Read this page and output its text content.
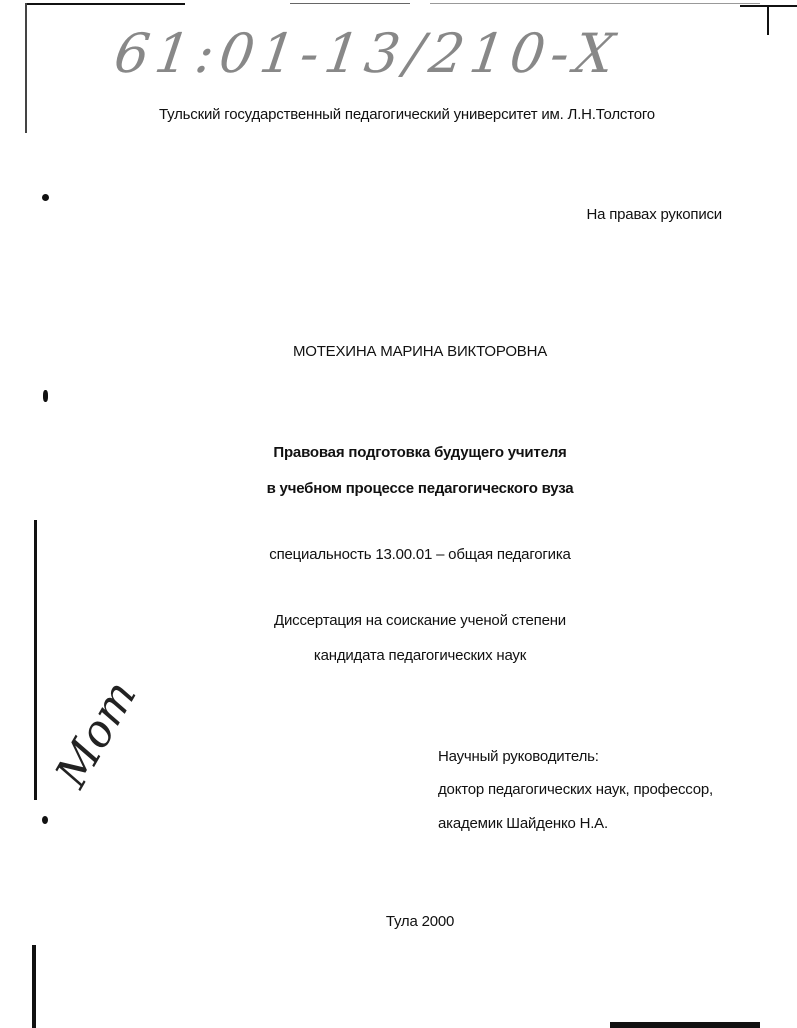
61:01-13/210-Х
Тульский государственный педагогический университет им. Л.Н.Толстого
На правах рукописи
МОТЕХИНА МАРИНА ВИКТОРОВНА
Правовая подготовка будущего учителя
в учебном процессе педагогического вуза
специальность 13.00.01 – общая педагогика
Диссертация на соискание ученой степени
кандидата педагогических наук
Мот	Научный руководитель:
доктор педагогических наук, профессор,
академик Шайденко Н.А.
Тула 2000
